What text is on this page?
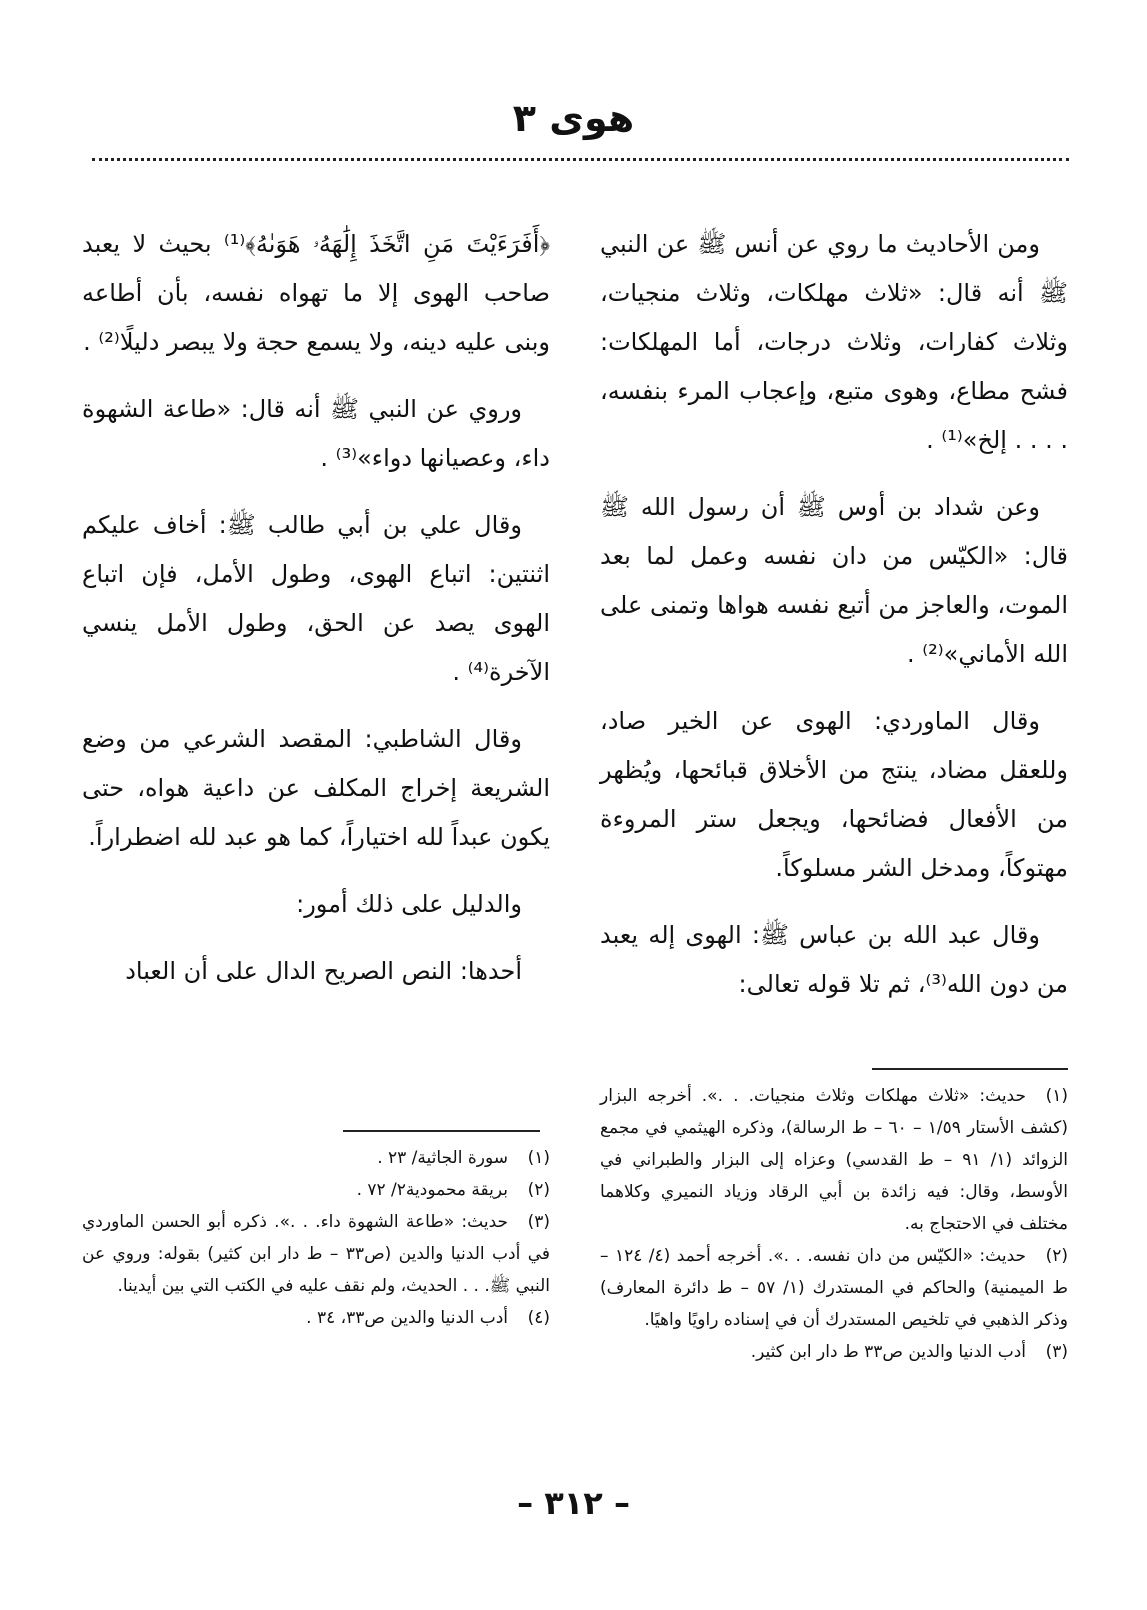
هوى ٣

ومن الأحاديث ما روي عن أنس ﷺ عن النبي ﷺ أنه قال: «ثلاث مهلكات، وثلاث منجيات، وثلاث كفارات، وثلاث درجات، أما المهلكات: فشح مطاع، وهوى متبع، وإعجاب المرء بنفسه، . . . . إلخ»⁽¹⁾ .

وعن شداد بن أوس ﷺ أن رسول الله ﷺ قال: «الكيّس من دان نفسه وعمل لما بعد الموت، والعاجز من أتبع نفسه هواها وتمنى على الله الأماني»⁽²⁾ .

وقال الماوردي: الهوى عن الخير صاد، وللعقل مضاد، ينتج من الأخلاق قبائحها، ويُظهر من الأفعال فضائحها، ويجعل ستر المروءة مهتوكاً، ومدخل الشر مسلوكاً.

وقال عبد الله بن عباس ﷺ: الهوى إله يعبد من دون الله⁽³⁾، ثم تلا قوله تعالى:

﴿أَفَرَءَيْتَ مَنِ اتَّخَذَ إِلَٰهَهُۥ هَوَىٰهُ﴾⁽¹⁾ بحيث لا يعبد صاحب الهوى إلا ما تهواه نفسه، بأن أطاعه وبنى عليه دينه، ولا يسمع حجة ولا يبصر دليلًا⁽²⁾ .

وروي عن النبي ﷺ أنه قال: «طاعة الشهوة داء، وعصيانها دواء»⁽³⁾ .

وقال علي بن أبي طالب ﷺ: أخاف عليكم اثنتين: اتباع الهوى، وطول الأمل، فإن اتباع الهوى يصد عن الحق، وطول الأمل ينسي الآخرة⁽⁴⁾ .

وقال الشاطبي: المقصد الشرعي من وضع الشريعة إخراج المكلف عن داعية هواه، حتى يكون عبداً لله اختياراً، كما هو عبد لله اضطراراً.

والدليل على ذلك أمور:

أحدها: النص الصريح الدال على أن العباد

(١)حديث: «ثلاث مهلكات وثلاث منجيات. . .». أخرجه البزار (كشف الأستار ١/٥٩ – ٦٠ – ط الرسالة)، وذكره الهيثمي في مجمع الزوائد (١/ ٩١ – ط القدسي) وعزاه إلى البزار والطبراني في الأوسط، وقال: فيه زائدة بن أبي الرقاد وزياد النميري وكلاهما مختلف في الاحتجاج به.
(٢)حديث: «الكيّس من دان نفسه. . .». أخرجه أحمد (٤/ ١٢٤ – ط الميمنية) والحاكم في المستدرك (١/ ٥٧ – ط دائرة المعارف) وذكر الذهبي في تلخيص المستدرك أن في إسناده راويًا واهيًا.
(٣)أدب الدنيا والدين ص٣٣ ط دار ابن كثير.
(١)سورة الجاثية/ ٢٣ .
(٢)بريقة محمودية٢/ ٧٢ .
(٣)حديث: «طاعة الشهوة داء. . .». ذكره أبو الحسن الماوردي في أدب الدنيا والدين (ص٣٣ – ط دار ابن كثير) بقوله: وروي عن النبي ﷺ. . . الحديث، ولم نقف عليه في الكتب التي بين أيدينا.
(٤)أدب الدنيا والدين ص٣٣، ٣٤ .
– ٣١٢ –
